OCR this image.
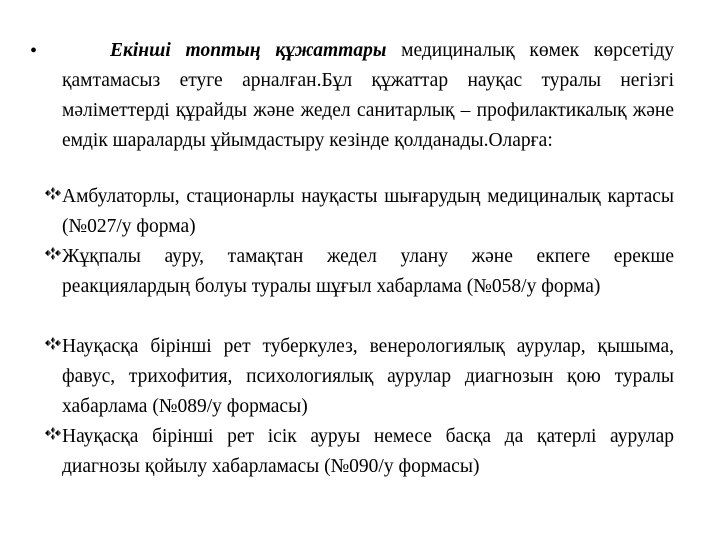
•	Екінші топтың құжаттары медициналық көмек көрсетіду қамтамасыз етуге арналған.Бұл құжаттар науқас туралы негізгі мәліметтерді құрайды және жедел санитарлық – профилактикалық және емдік шараларды ұйымдастыру кезінде қолданады.Оларға:

Амбулаторлы, стационарлы науқасты шығарудың медициналық картасы (№027/у форма)

Жұқпалы ауру, тамақтан жедел улану және екпеге ерекше реакциялардың болуы туралы шұғыл хабарлама (№058/у форма)

Науқасқа бірінші рет туберкулез, венерологиялық аурулар, қышыма, фавус, трихофития, психологиялық аурулар диагнозын қою туралы хабарлама (№089/у формасы)

Науқасқа бірінші рет ісік ауруы немесе басқа да қатерлі аурулар диагнозы қойылу хабарламасы (№090/у формасы)
